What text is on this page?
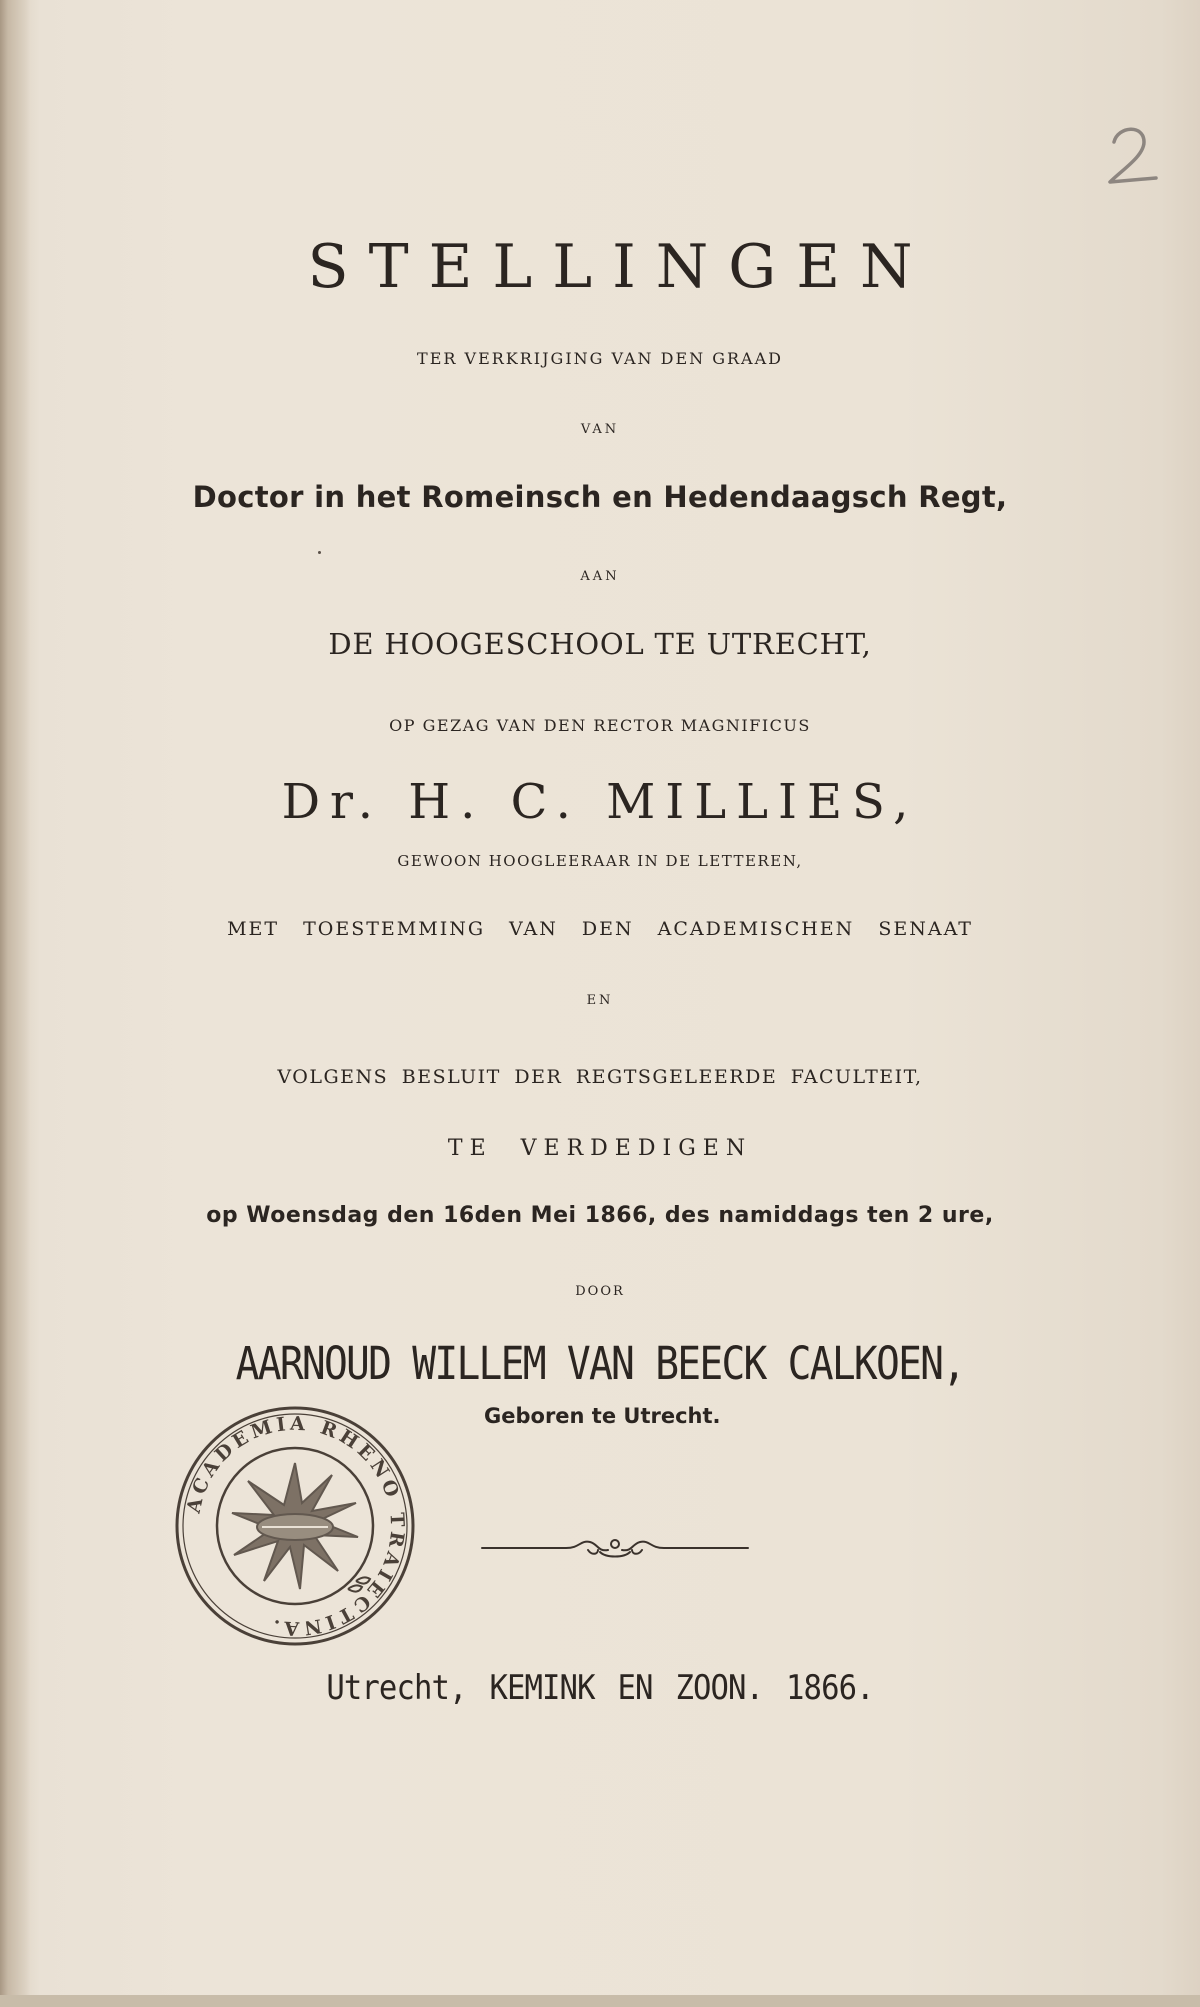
STELLINGEN
TER VERKRIJGING VAN DEN GRAAD
VAN
Doctor in het Romeinsch en Hedendaagsch Regt,
AAN
DE HOOGESCHOOL TE UTRECHT,
OP GEZAG VAN DEN RECTOR MAGNIFICUS
Dr. H. C. MILLIES,
GEWOON HOOGLEERAAR IN DE LETTEREN,
MET TOESTEMMING VAN DEN ACADEMISCHEN SENAAT
EN
VOLGENS BESLUIT DER REGTSGELEERDE FACULTEIT,
TE VERDEDIGEN
op Woensdag den 16den Mei 1866, des namiddags ten 2 ure,
DOOR
AARNOUD WILLEM VAN BEECK CALKOEN,
Geboren te Utrecht.
ACADEMIA RHENO TRAIECTINA.
Utrecht, KEMINK EN ZOON. 1866.
